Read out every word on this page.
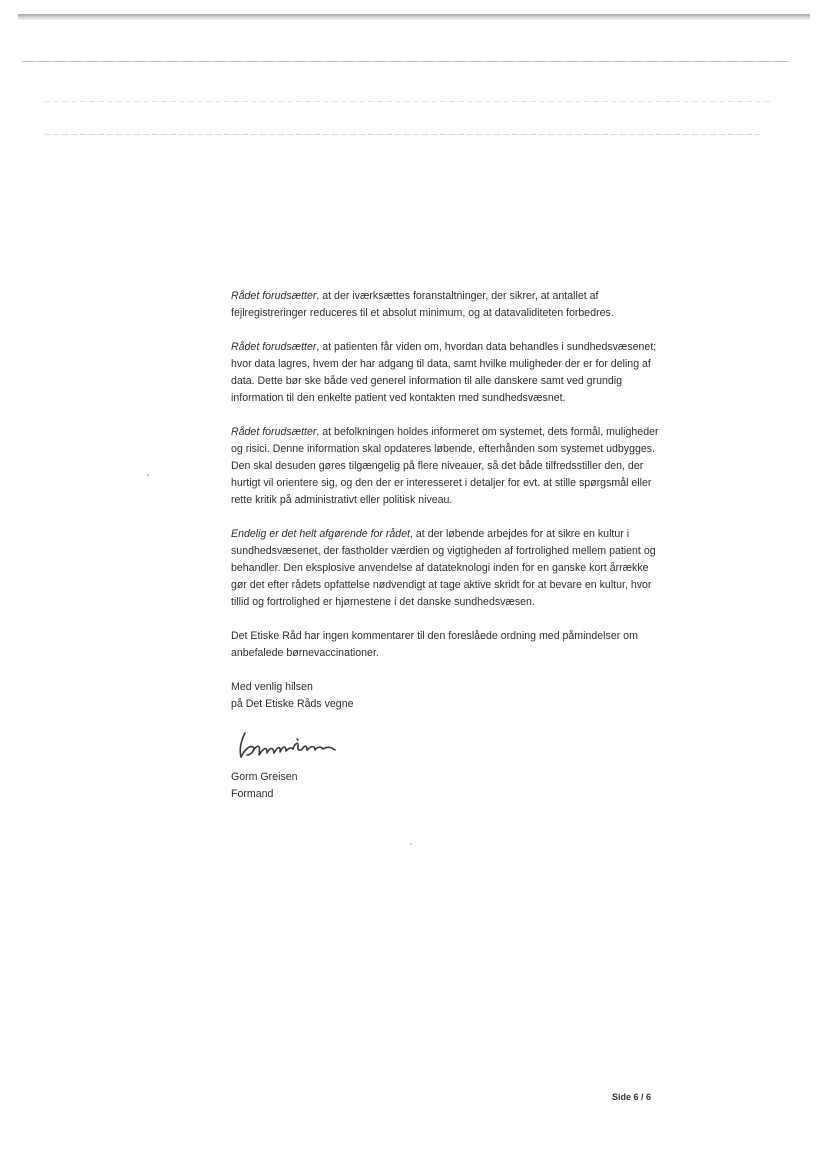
Rådet forudsætter, at der iværksættes foranstaltninger, der sikrer, at antallet af fejlregistreringer reduceres til et absolut minimum, og at datavaliditeten forbedres.

Rådet forudsætter, at patienten får viden om, hvordan data behandles i sundhedsvæsenet; hvor data lagres, hvem der har adgang til data, samt hvilke muligheder der er for deling af data. Dette bør ske både ved generel information til alle danskere samt ved grundig information til den enkelte patient ved kontakten med sundhedsvæsnet.

Rådet forudsætter, at befolkningen holdes informeret om systemet, dets formål, muligheder og risici. Denne information skal opdateres løbende, efterhånden som systemet udbygges. Den skal desuden gøres tilgængelig på flere niveauer, så det både tilfredsstiller den, der hurtigt vil orientere sig, og den der er interesseret i detaljer for evt. at stille spørgsmål eller rette kritik på administrativt eller politisk niveau.

Endelig er det helt afgørende for rådet, at der løbende arbejdes for at sikre en kultur i sundhedsvæsenet, der fastholder værdien og vigtigheden af fortrolighed mellem patient og behandler. Den eksplosive anvendelse af datateknologi inden for en ganske kort årrække gør det efter rådets opfattelse nødvendigt at tage aktive skridt for at bevare en kultur, hvor tillid og fortrolighed er hjørnestene i det danske sundhedsvæsen.

Det Etiske Råd har ingen kommentarer til den foreslåede ordning med påmindelser om anbefalede børnevaccinationer.

Med venlig hilsen
på Det Etiske Råds vegne
Gorm Greisen
Formand
Side 6 / 6
